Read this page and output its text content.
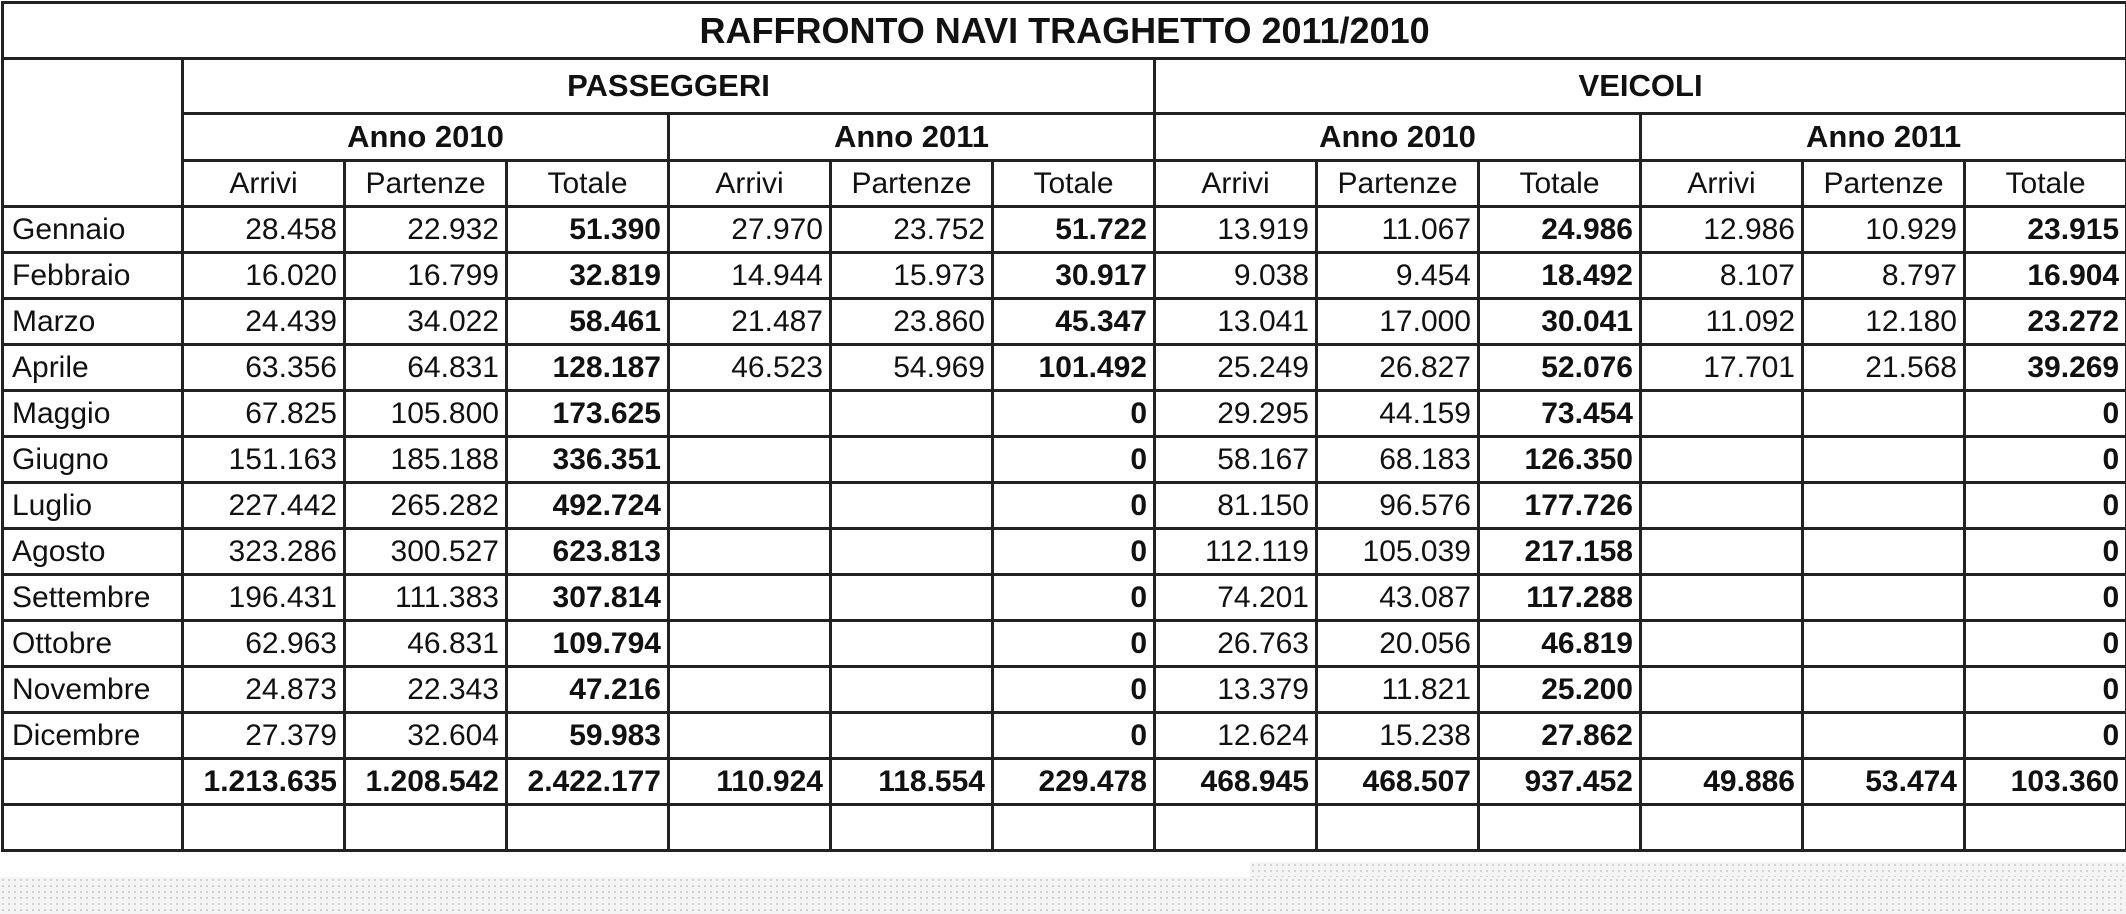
RAFFRONTO NAVI TRAGHETTO 2011/2010												
	PASSEGGERI						VEICOLI					
	Anno 2010			Anno 2011			Anno 2010			Anno 2011		
	Arrivi	Partenze	Totale	Arrivi	Partenze	Totale	Arrivi	Partenze	Totale	Arrivi	Partenze	Totale
Gennaio	28.458	22.932	51.390	27.970	23.752	51.722	13.919	11.067	24.986	12.986	10.929	23.915
Febbraio	16.020	16.799	32.819	14.944	15.973	30.917	9.038	9.454	18.492	8.107	8.797	16.904
Marzo	24.439	34.022	58.461	21.487	23.860	45.347	13.041	17.000	30.041	11.092	12.180	23.272
Aprile	63.356	64.831	128.187	46.523	54.969	101.492	25.249	26.827	52.076	17.701	21.568	39.269
Maggio	67.825	105.800	173.625			0	29.295	44.159	73.454			0
Giugno	151.163	185.188	336.351			0	58.167	68.183	126.350			0
Luglio	227.442	265.282	492.724			0	81.150	96.576	177.726			0
Agosto	323.286	300.527	623.813			0	112.119	105.039	217.158			0
Settembre	196.431	111.383	307.814			0	74.201	43.087	117.288			0
Ottobre	62.963	46.831	109.794			0	26.763	20.056	46.819			0
Novembre	24.873	22.343	47.216			0	13.379	11.821	25.200			0
Dicembre	27.379	32.604	59.983			0	12.624	15.238	27.862			0
	1.213.635	1.208.542	2.422.177	110.924	118.554	229.478	468.945	468.507	937.452	49.886	53.474	103.360
